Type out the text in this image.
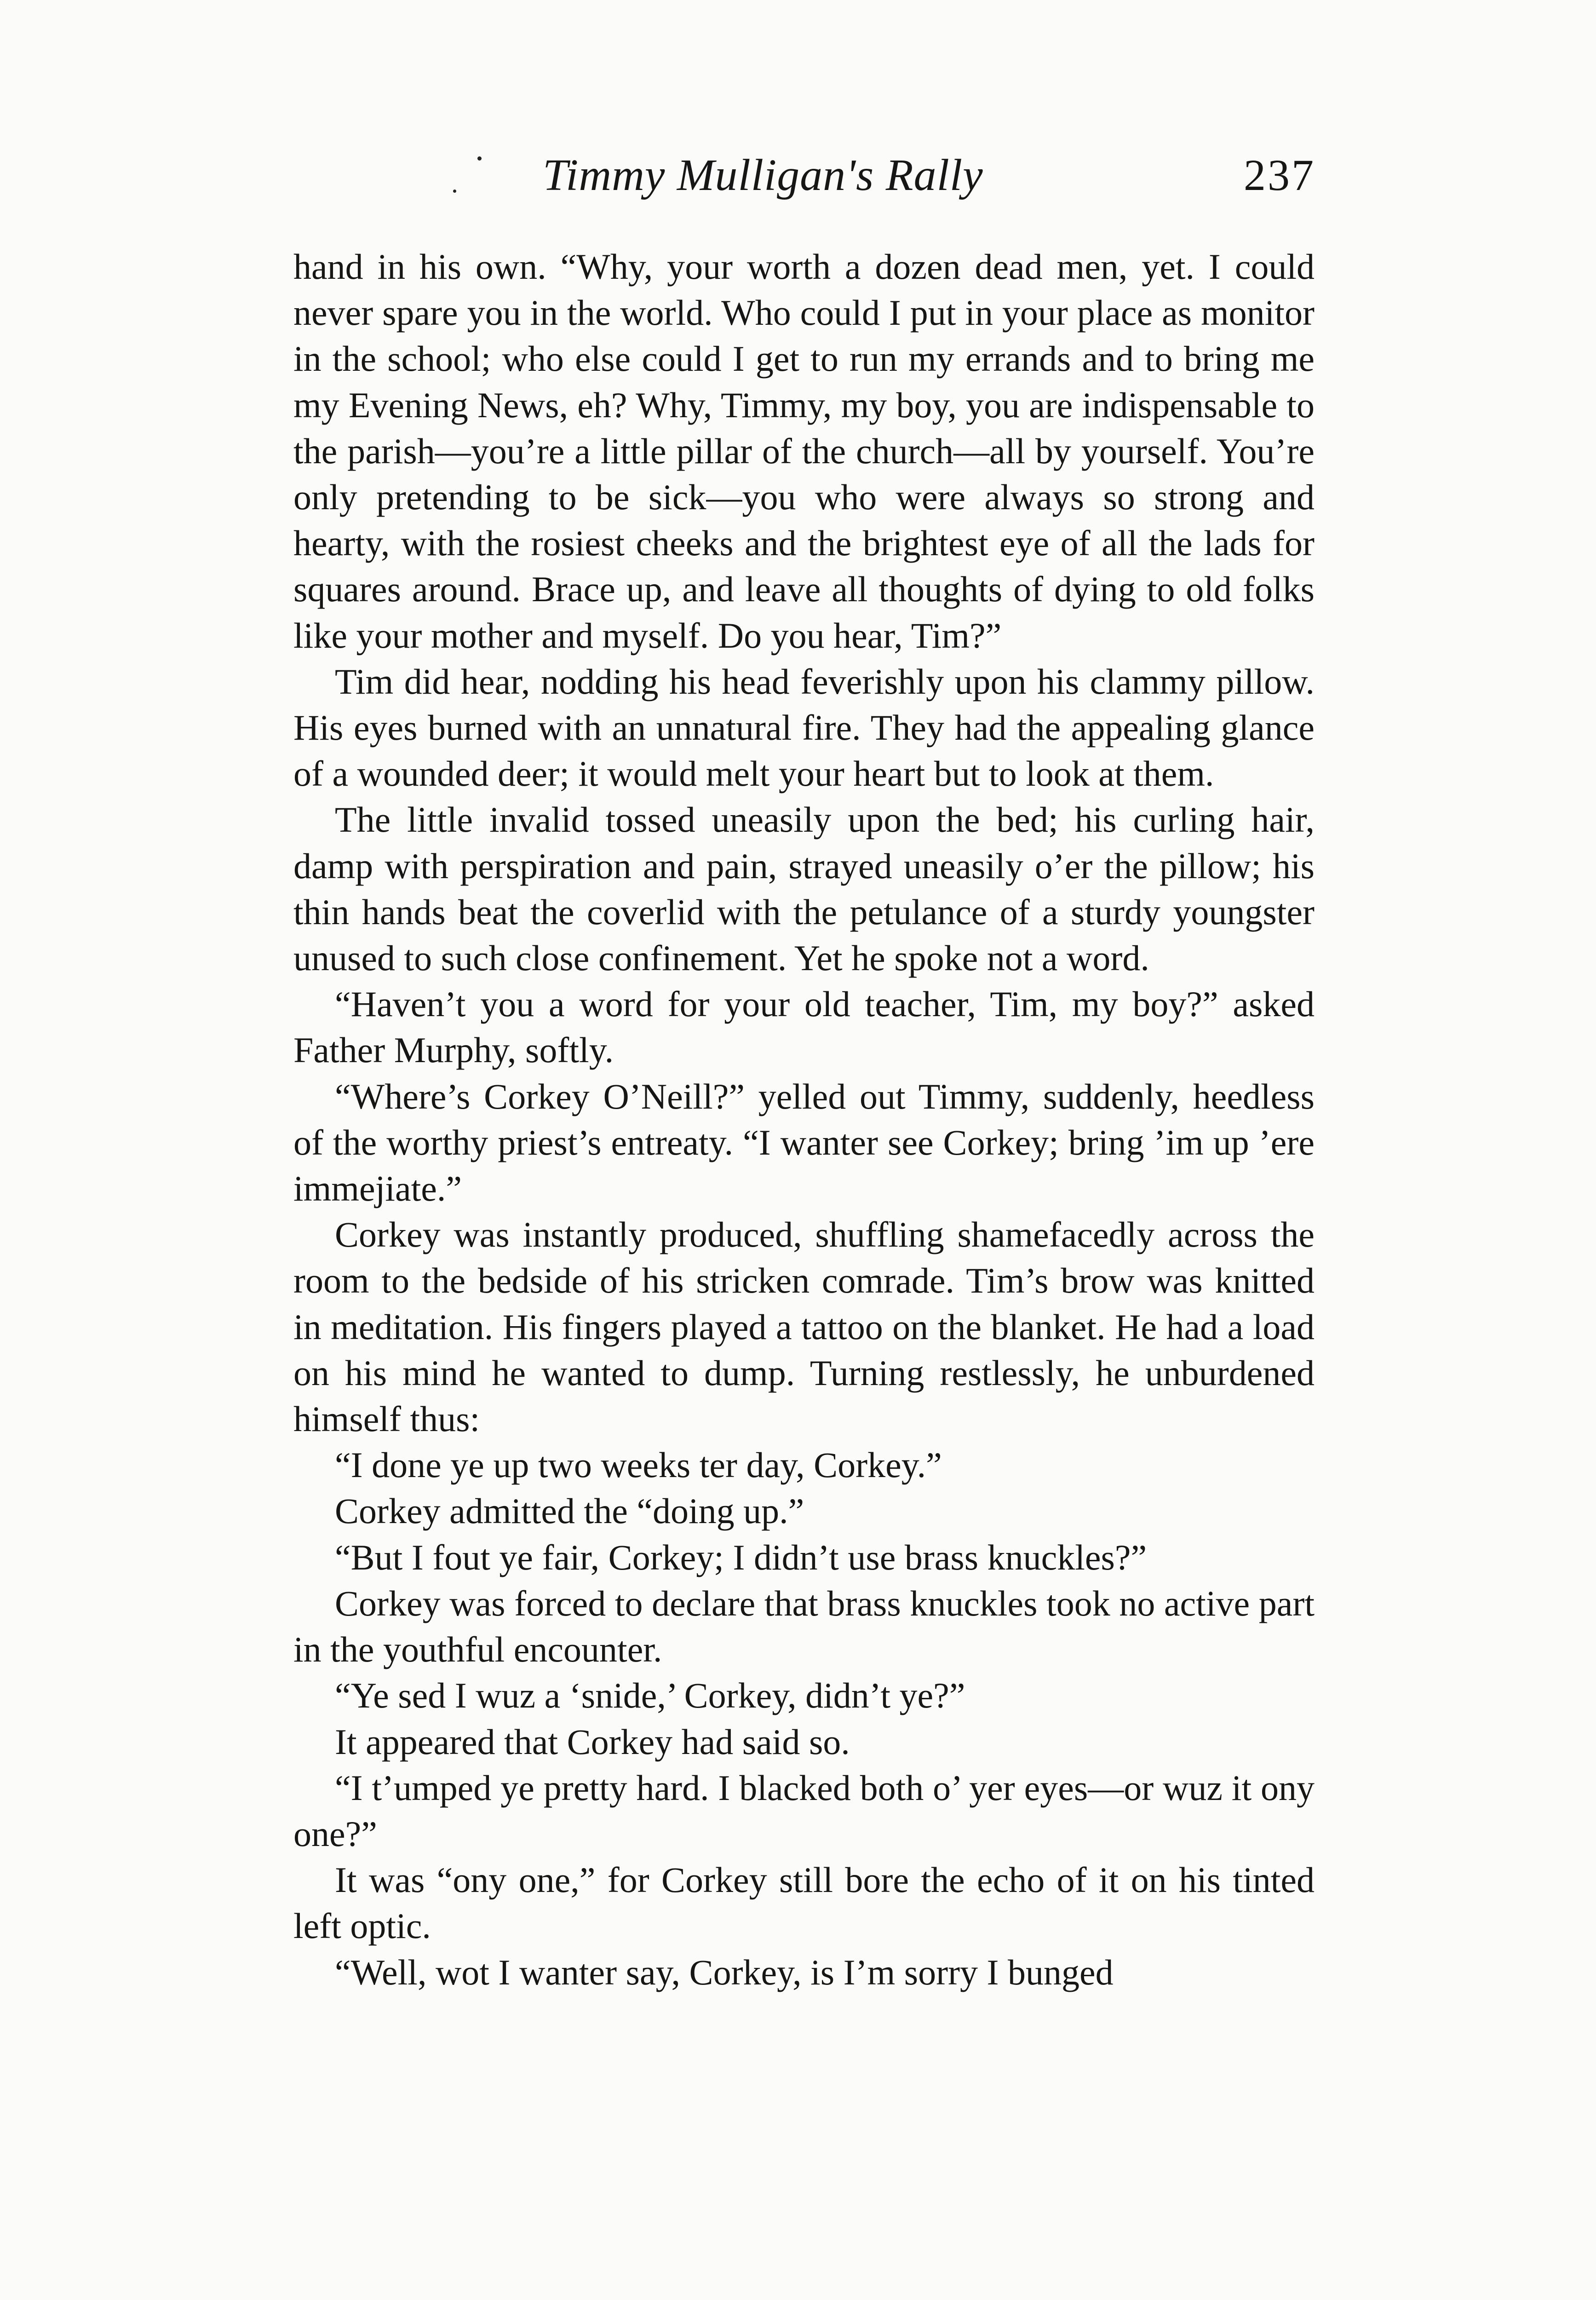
Timmy Mulligan's Rally	237

hand in his own. “Why, your worth a dozen dead men, yet. I could never spare you in the world. Who could I put in your place as monitor in the school; who else could I get to run my errands and to bring me my Evening News, eh? Why, Timmy, my boy, you are indispensable to the parish—you’re a little pillar of the church—all by yourself. You’re only pretending to be sick—you who were always so strong and hearty, with the rosiest cheeks and the brightest eye of all the lads for squares around. Brace up, and leave all thoughts of dying to old folks like your mother and myself. Do you hear, Tim?”

Tim did hear, nodding his head feverishly upon his clammy pillow. His eyes burned with an unnatural fire. They had the appealing glance of a wounded deer; it would melt your heart but to look at them.

The little invalid tossed uneasily upon the bed; his curling hair, damp with perspiration and pain, strayed uneasily o’er the pillow; his thin hands beat the coverlid with the petulance of a sturdy youngster unused to such close confinement. Yet he spoke not a word.

“Haven’t you a word for your old teacher, Tim, my boy?” asked Father Murphy, softly.

“Where’s Corkey O’Neill?” yelled out Timmy, suddenly, heedless of the worthy priest’s entreaty. “I wanter see Corkey; bring ’im up ’ere immejiate.”

Corkey was instantly produced, shuffling shamefacedly across the room to the bedside of his stricken comrade. Tim’s brow was knitted in meditation. His fingers played a tattoo on the blanket. He had a load on his mind he wanted to dump. Turning restlessly, he unburdened himself thus:

“I done ye up two weeks ter day, Corkey.”

Corkey admitted the “doing up.”

“But I fout ye fair, Corkey; I didn’t use brass knuckles?”

Corkey was forced to declare that brass knuckles took no active part in the youthful encounter.

“Ye sed I wuz a ‘snide,’ Corkey, didn’t ye?”

It appeared that Corkey had said so.

“I t’umped ye pretty hard. I blacked both o’ yer eyes—or wuz it ony one?”

It was “ony one,” for Corkey still bore the echo of it on his tinted left optic.

“Well, wot I wanter say, Corkey, is I’m sorry I bunged
